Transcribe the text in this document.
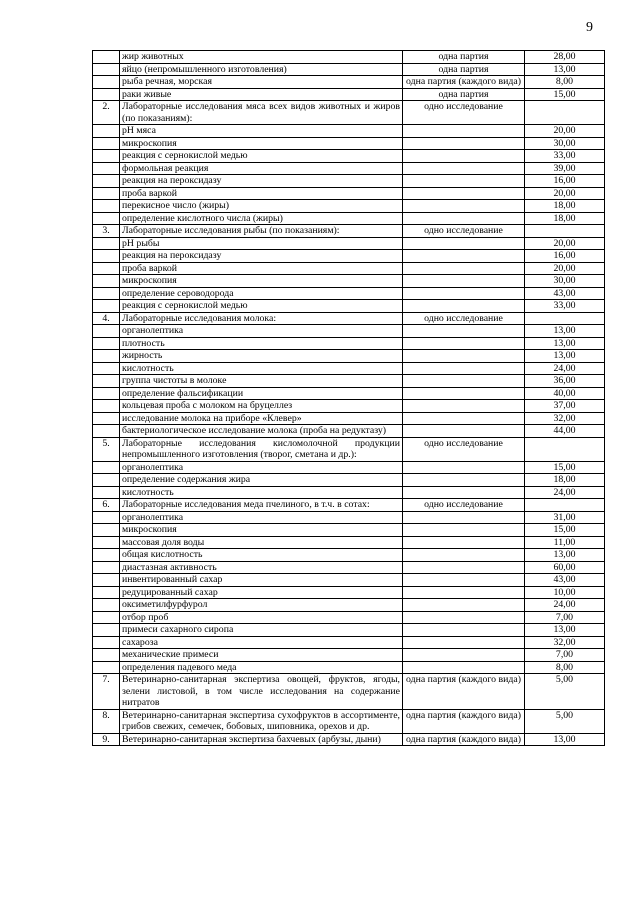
9
	жир животных	одна партия	28,00
	яйцо (непромышленного изготовления)	одна партия	13,00
	рыба речная, морская	одна партия (каждого вида)	8,00
	раки живые	одна партия	15,00
2.	Лабораторные исследования мяса всех видов животных и жиров (по показаниям):	одно исследование	
	pH мяса		20,00
	микроскопия		30,00
	реакция с сернокислой медью		33,00
	формольная реакция		39,00
	реакция на пероксидазу		16,00
	проба варкой		20,00
	перекисное число (жиры)		18,00
	определение кислотного числа (жиры)		18,00
3.	Лабораторные исследования рыбы (по показаниям):	одно исследование	
	pH рыбы		20,00
	реакция на пероксидазу		16,00
	проба варкой		20,00
	микроскопия		30,00
	определение сероводорода		43,00
	реакция с сернокислой медью		33,00
4.	Лабораторные исследования молока:	одно исследование	
	органолептика		13,00
	плотность		13,00
	жирность		13,00
	кислотность		24,00
	группа чистоты в молоке		36,00
	определение фальсификации		40,00
	кольцевая проба с молоком на бруцеллез		37,00
	исследование молока на приборе «Клевер»		32,00
	бактериологическое исследование молока (проба на редуктазу)		44,00
5.	Лабораторные исследования кисломолочной продукции непромышленного изготовления (творог, сметана и др.):	одно исследование	
	органолептика		15,00
	определение содержания жира		18,00
	кислотность		24,00
6.	Лабораторные исследования меда пчелиного, в т.ч. в сотах:	одно исследование	
	органолептика		31,00
	микроскопия		15,00
	массовая доля воды		11,00
	общая кислотность		13,00
	диастазная активность		60,00
	инвентированный сахар		43,00
	редуцированный сахар		10,00
	оксиметилфурфурол		24,00
	отбор проб		7,00
	примеси сахарного сиропа		13,00
	сахароза		32,00
	механические примеси		7,00
	определения падевого меда		8,00
7.	Ветеринарно-санитарная экспертиза овощей, фруктов, ягоды, зелени листовой, в том числе исследования на содержание нитратов	одна партия (каждого вида)	5,00
8.	Ветеринарно-санитарная экспертиза сухофруктов в ассортименте, грибов свежих, семечек, бобовых, шиповника, орехов и др.	одна партия (каждого вида)	5,00
9.	Ветеринарно-санитарная экспертиза бахчевых (арбузы, дыни)	одна партия (каждого вида)	13,00
